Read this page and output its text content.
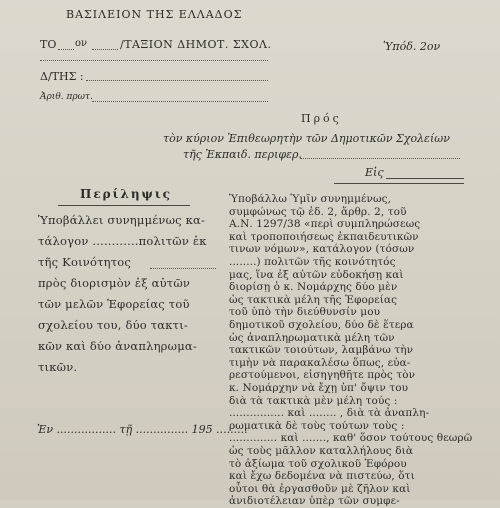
ΒΑΣΙΛΕΙΟΝ ΤΗΣ ΕΛΛΑΔΟΣ
ΤΟ ον	/ΤΑΞΙΟΝ ΔΗΜΟΤ. ΣΧΟΛ.	Ὑπόδ. 2ον
Δ/ΤΗΣ :
Ἀριθ. πρωτ.
Πρός
τὸν κύριον Ἐπιθεωρητὴν τῶν Δημοτικῶν Σχολείων
τῆς Ἐκπαιδ. περιφερ.
Εἰς
Περίληψις
Ὑποβάλλει συνημμένως κα-
τάλογον ............πολιτῶν ἐκ
τῆς Κοινότητος
πρὸς διορισμὸν ἐξ αὐτῶν
τῶν μελῶν Ἐφορείας τοῦ
σχολείου του, δύο τακτι-
κῶν καὶ δύο ἀναπληρωμα-
τικῶν.
Ἐν ................. τῇ ............... 195 .........
Ὑποβάλλω Ὑμῖν συνημμένως,
συμφώνως τῷ ἐδ. 2, ἄρθρ. 2, τοῦ
Α.Ν. 1297/38 «περὶ συμπληρώσεως
καὶ τροποποιήσεως ἐκπαιδευτικῶν
τινων νόμων», κατάλογον (τόσων
........) πολιτῶν τῆς κοινότητός
μας, ἵνα ἐξ αὐτῶν εὐδοκήσῃ καὶ
διορίσῃ ὁ κ. Νομάρχης δύο μὲν
ὡς τακτικὰ μέλη τῆς Ἐφορείας
τοῦ ὑπὸ τὴν διεύθυνσίν μου
δημοτικοῦ σχολείου, δύο δὲ ἕτερα
ὡς ἀναπληρωματικὰ μέλη τῶν
τακτικῶν τοιούτων, λαμβάνω τὴν
τιμὴν νὰ παρακαλέσω ὅπως, εὐα-
ρεστούμενοι, εἰσηγηθῆτε πρὸς τὸν
κ. Νομάρχην νὰ ἔχῃ ὑπ' ὄψιν του
διὰ τὰ τακτικὰ μὲν μέλη τούς :
................ καὶ ........ , διὰ τὰ ἀναπλη-
ρωματικὰ δὲ τοὺς τούτων τοὺς :
.............. καὶ ......., καθ' ὅσον τούτους θεωρῶ
ὡς τοὺς μᾶλλον καταλλήλους διὰ
τὸ ἀξίωμα τοῦ σχολικοῦ Ἐφόρου
καὶ ἔχω δεδομένα νὰ πιστεύω, ὅτι
οὗτοι θὰ ἐργασθοῦν μὲ ζῆλον καὶ
ἀνιδιοτέλειαν ὑπὲρ τῶν συμφε-
